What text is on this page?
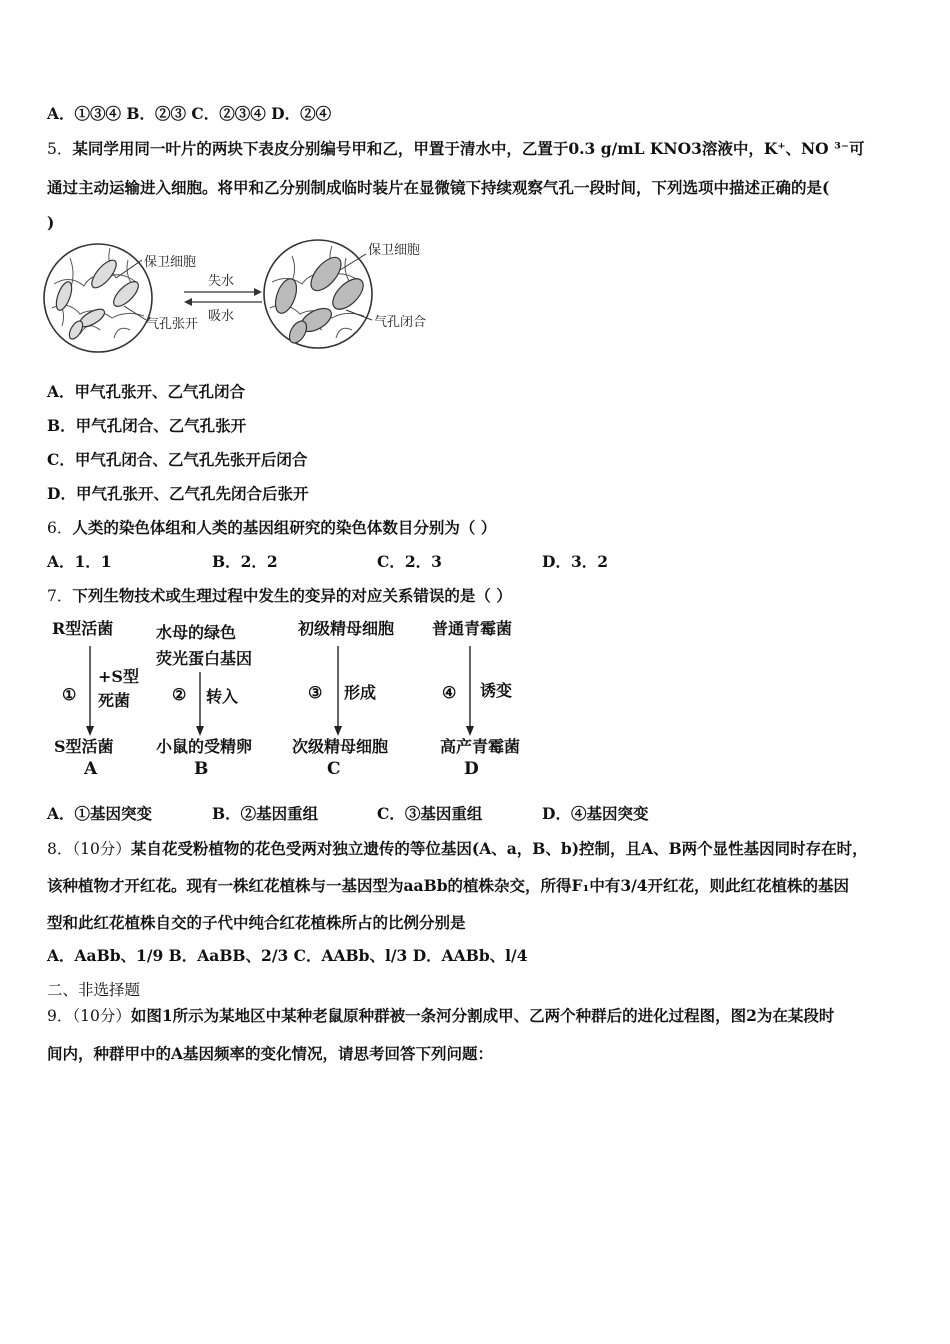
A．①③④ B．②③ C．②③④ D．②④
5．某同学用同一叶片的两块下表皮分别编号甲和乙，甲置于清水中，乙置于0.3 g/mL KNO3溶液中，K⁺、NO ³⁻可
通过主动运输进入细胞。将甲和乙分别制成临时装片在显微镜下持续观察气孔一段时间，下列选项中描述正确的是(
)
保卫细胞
气孔张开
失水
吸水
保卫细胞
气孔闭合
A．甲气孔张开、乙气孔闭合
B．甲气孔闭合、乙气孔张开
C．甲气孔闭合、乙气孔先张开后闭合
D．甲气孔张开、乙气孔先闭合后张开
6．人类的染色体组和人类的基因组研究的染色体数目分别为（ ）
A．1．1	B．2．2	C．2．3	D．3．2
7．下列生物技术或生理过程中发生的变异的对应关系错误的是（ ）
R型活菌
①
+S型
死菌
S型活菌
A
水母的绿色
荧光蛋白基因
② 转入
小鼠的受精卵
B
初级精母细胞
③ 形成
次级精母细胞
C
普通青霉菌
④ 诱变
高产青霉菌
D
A．①基因突变	B．②基因重组	C．③基因重组	D．④基因突变
8．（10分）某自花受粉植物的花色受两对独立遗传的等位基因(A、a，B、b)控制，且A、B两个显性基因同时存在时，
该种植物才开红花。现有一株红花植株与一基因型为aaBb的植株杂交，所得F₁中有3/4开红花，则此红花植株的基因
型和此红花植株自交的子代中纯合红花植株所占的比例分别是
A．AaBb、1/9 B．AaBB、2/3 C．AABb、l/3 D．AABb、l/4
二、非选择题
9．（10分）如图1所示为某地区中某种老鼠原种群被一条河分割成甲、乙两个种群后的进化过程图，图2为在某段时
间内，种群甲中的A基因频率的变化情况，请思考回答下列问题：
